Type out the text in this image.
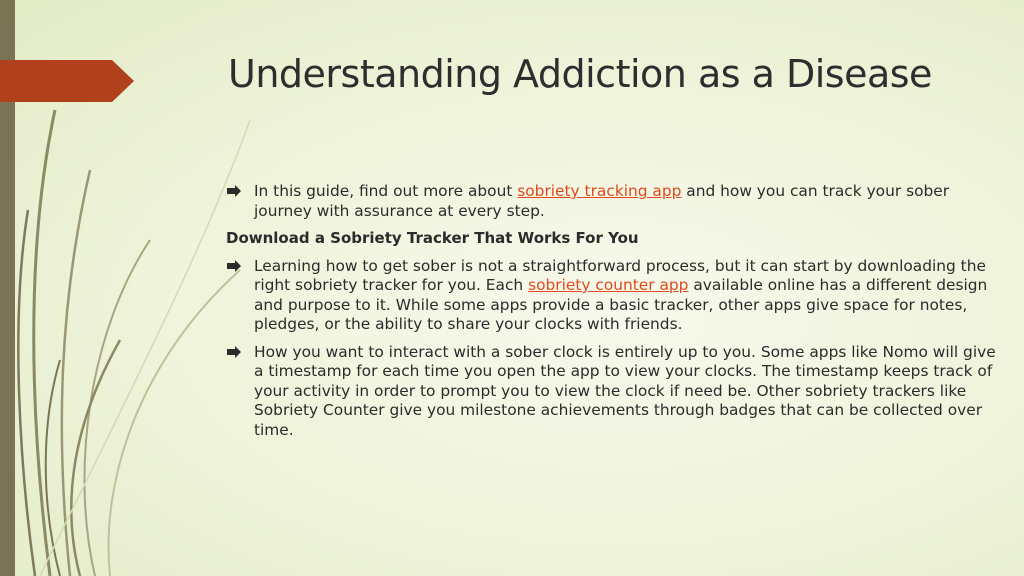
Understanding Addiction as a Disease

In this guide, find out more about sobriety tracking app and how you can track your sober journey with assurance at every step.

Download a Sobriety Tracker That Works For You

Learning how to get sober is not a straightforward process, but it can start by downloading the right sobriety tracker for you. Each sobriety counter app available online has a different design and purpose to it. While some apps provide a basic tracker, other apps give space for notes, pledges, or the ability to share your clocks with friends.

How you want to interact with a sober clock is entirely up to you. Some apps like Nomo will give a timestamp for each time you open the app to view your clocks. The timestamp keeps track of your activity in order to prompt you to view the clock if need be. Other sobriety trackers like Sobriety Counter give you milestone achievements through badges that can be collected over time.
